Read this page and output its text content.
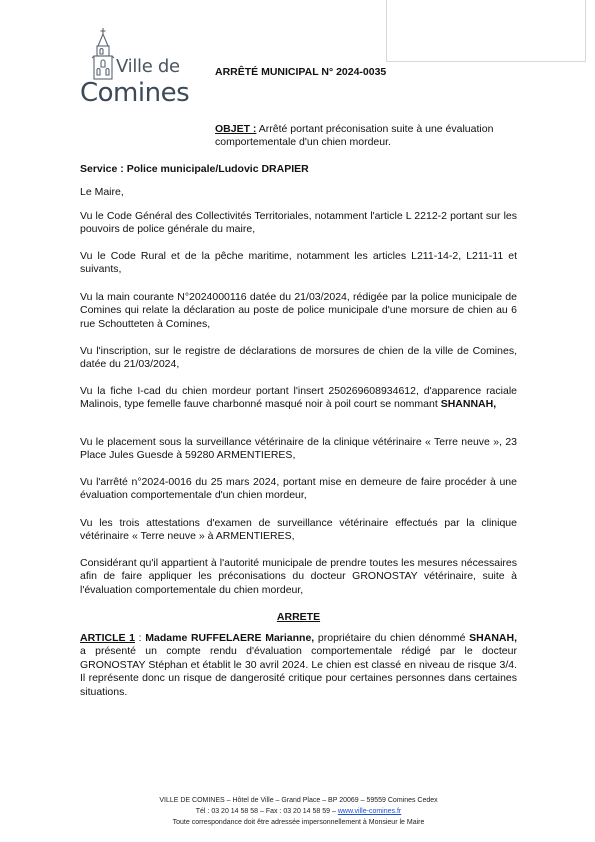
Ville de
Comines
ARRÊTÉ MUNICIPAL N° 2024-0035
OBJET : Arrêté portant préconisation suite à une évaluation comportementale d'un chien mordeur.
Service : Police municipale/Ludovic DRAPIER

Le Maire,

Vu le Code Général des Collectivités Territoriales, notamment l'article L 2212-2 portant sur les pouvoirs de police générale du maire,

Vu le Code Rural et de la pêche maritime, notamment les articles L211-14-2, L211-11 et suivants,

Vu la main courante N°2024000116 datée du 21/03/2024, rédigée par la police municipale de Comines qui relate la déclaration au poste de police municipale d'une morsure de chien au 6 rue Schoutteten à Comines,

Vu l'inscription, sur le registre de déclarations de morsures de chien de la ville de Comines, datée du 21/03/2024,

Vu la fiche I-cad du chien mordeur portant l'insert 250269608934612, d'apparence raciale Malinois, type femelle fauve charbonné masqué noir à poil court se nommant SHANNAH,

Vu le placement sous la surveillance vétérinaire de la clinique vétérinaire « Terre neuve », 23 Place Jules Guesde à 59280 ARMENTIERES,

Vu l'arrêté n°2024-0016 du 25 mars 2024, portant mise en demeure de faire procéder à une évaluation comportementale d'un chien mordeur,

Vu les trois attestations d'examen de surveillance vétérinaire effectués par la clinique vétérinaire « Terre neuve » à ARMENTIERES,

Considérant qu'il appartient à l'autorité municipale de prendre toutes les mesures nécessaires afin de faire appliquer les préconisations du docteur GRONOSTAY vétérinaire, suite à l'évaluation comportementale du chien mordeur,

ARRETE

ARTICLE 1 : Madame RUFFELAERE Marianne, propriétaire du chien dénommé SHANAH, a présenté un compte rendu d'évaluation comportementale rédigé par le docteur GRONOSTAY Stéphan et établit le 30 avril 2024. Le chien est classé en niveau de risque 3/4. Il représente donc un risque de dangerosité critique pour certaines personnes dans certaines situations.

VILLE DE COMINES – Hôtel de Ville – Grand Place – BP 20069 – 59559 Comines Cedex
Tél : 03 20 14 58 58 – Fax : 03 20 14 58 59 – www.ville-comines.fr
Toute correspondance doit être adressée impersonnellement à Monsieur le Maire
